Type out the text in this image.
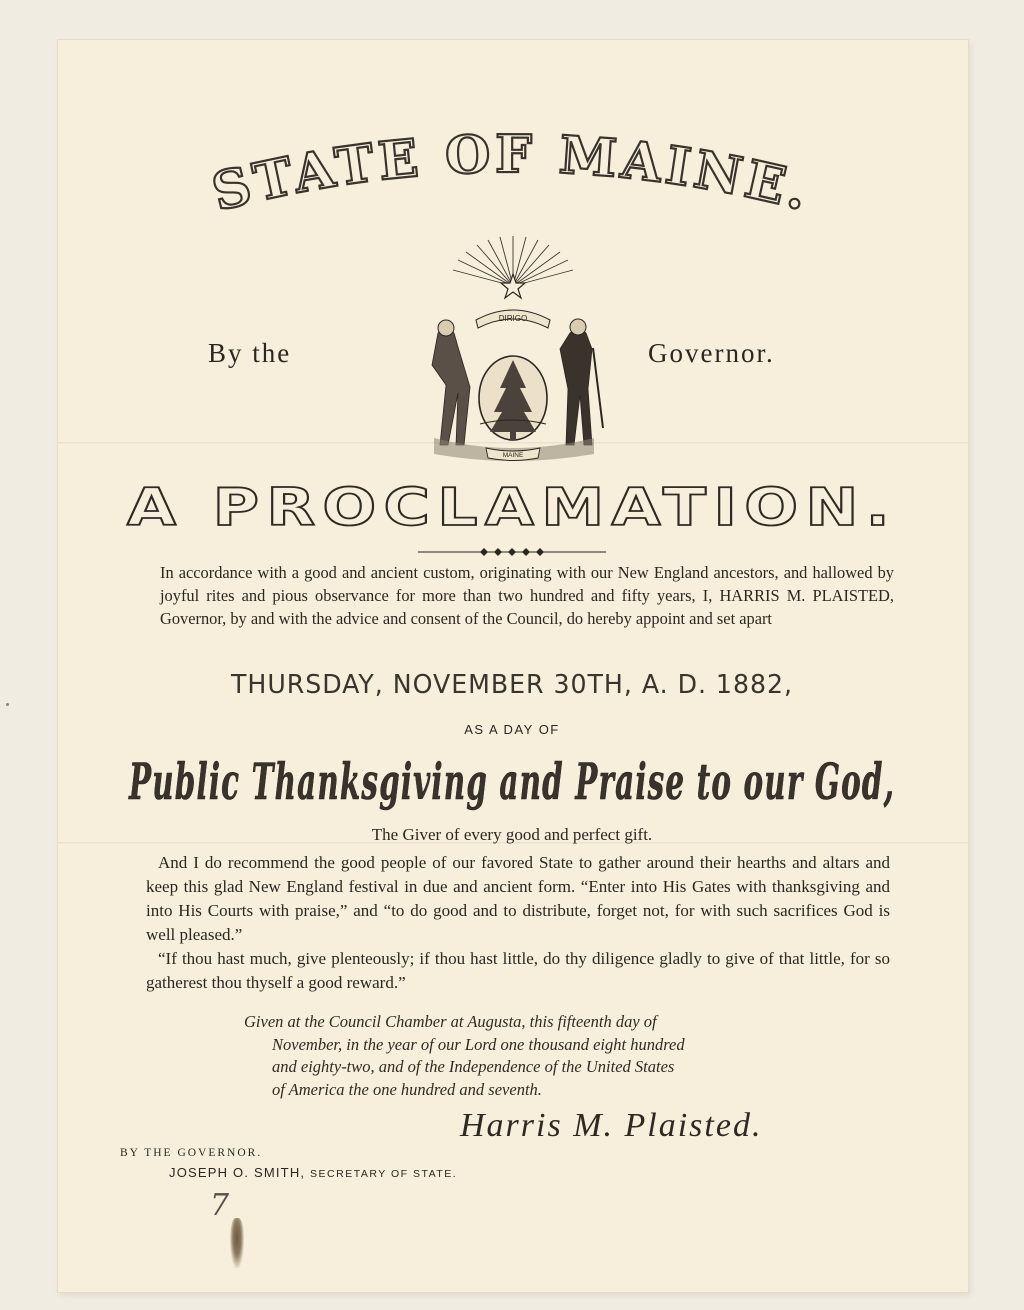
STATE OF MAINE.
By the	Governor.
DIRIGO
MAINE
A PROCLAMATION.
In accordance with a good and ancient custom, originating with our New England ancestors, and hallowed by joyful rites and pious observance for more than two hundred and fifty years, I, HARRIS M. PLAISTED, Governor, by and with the advice and consent of the Council, do hereby appoint and set apart
THURSDAY, NOVEMBER 30TH, A. D. 1882,
AS A DAY OF
Public Thanksgiving and Praise to our God,
The Giver of every good and perfect gift.

And I do recommend the good people of our favored State to gather around their hearths and altars and keep this glad New England festival in due and ancient form. “Enter into His Gates with thanksgiving and into His Courts with praise,” and “to do good and to distribute, forget not, for with such sacrifices God is well pleased.”

“If thou hast much, give plenteously; if thou hast little, do thy diligence gladly to give of that little, for so gatherest thou thyself a good reward.”

Given at the Council Chamber at Augusta, this fifteenth day of
November, in the year of our Lord one thousand eight hundred
and eighty-two, and of the Independence of the United States
of America the one hundred and seventh.
Harris M. Plaisted.
BY THE GOVERNOR.
JOSEPH O. SMITH, SECRETARY OF STATE.
7
